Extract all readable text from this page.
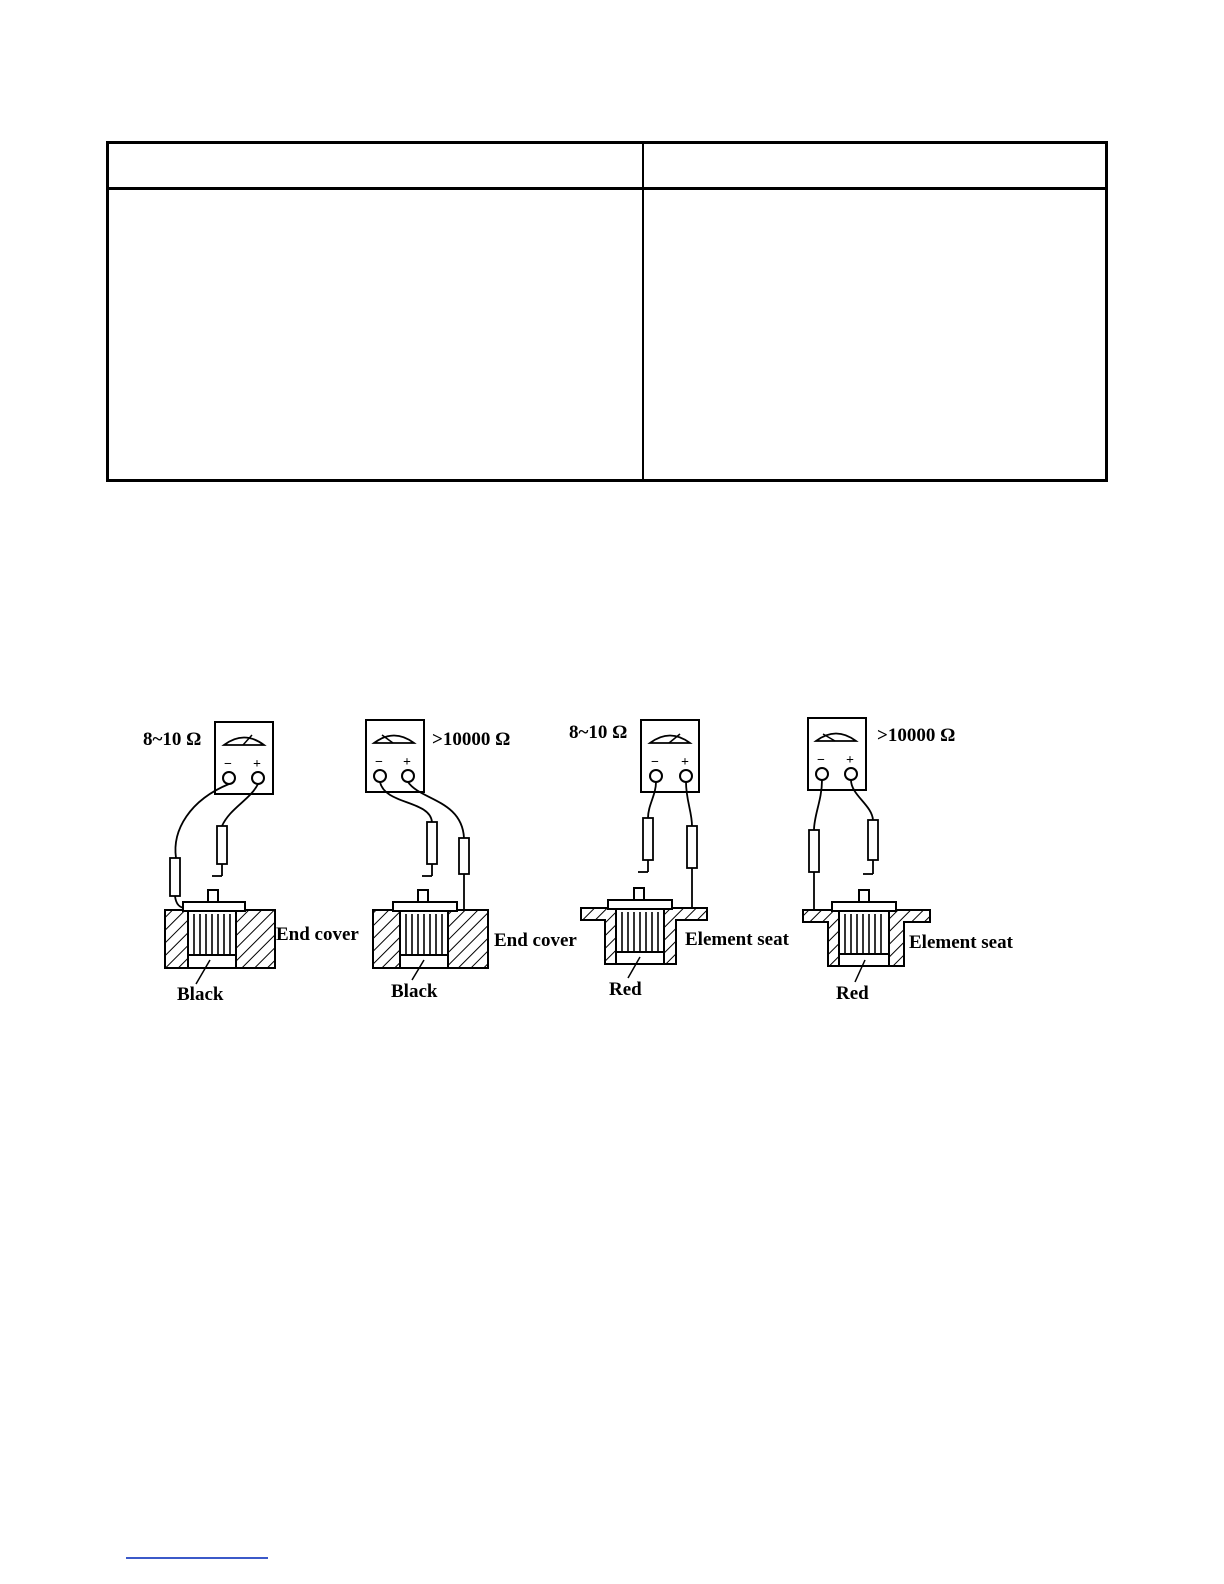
8~10 Ω
− +
End cover
Black
>10000 Ω
− +
End cover
Black
8~10 Ω
− +
Element seat
Red
>10000 Ω
− +
Element seat
Red
